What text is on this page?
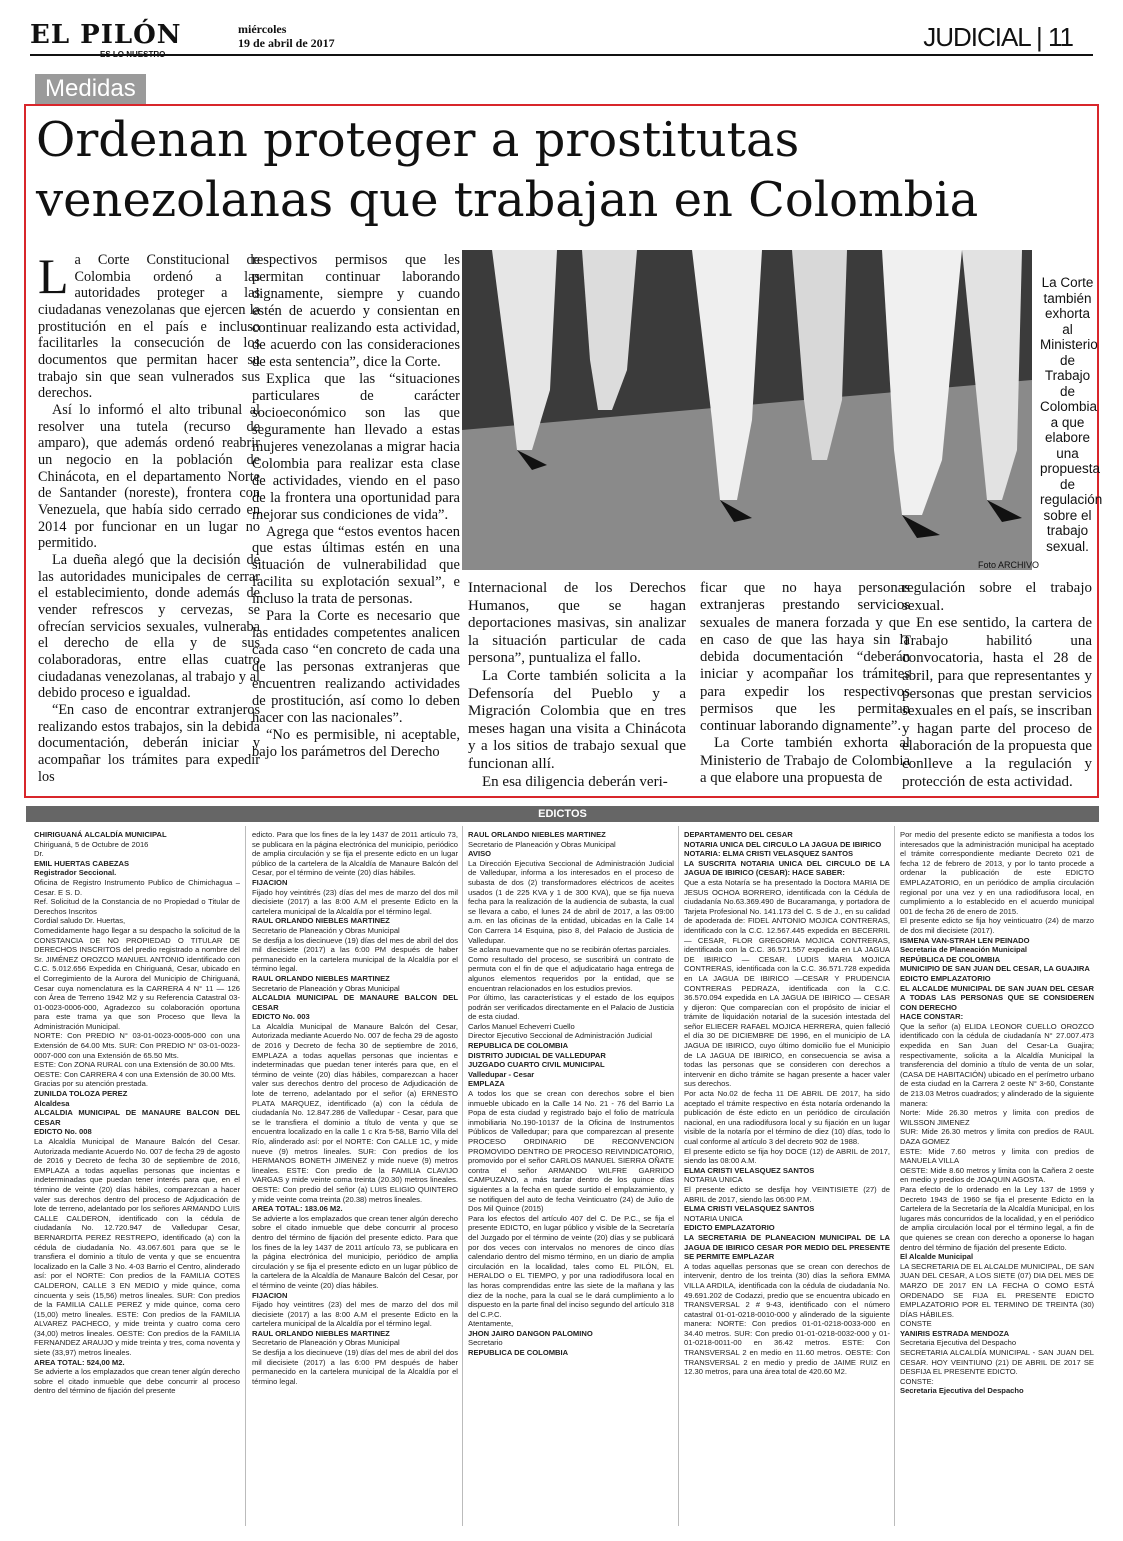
EL PILÓN	miércoles
19 de abril de 2017	JUDICIAL | 11
Medidas
Ordenan proteger a prostitutas venezolanas que trabajan en Colombia

La Corte Constitucional de Colombia ordenó a las autoridades proteger a las ciudadanas venezolanas que ejercen la prostitución en el país e incluso facilitarles la consecución de los documentos que permitan hacer su trabajo sin que sean vulnerados sus derechos.

Así lo informó el alto tribunal al resolver una tutela (recurso de amparo), que además ordenó reabrir un negocio en la población de Chinácota, en el departamento Norte de Santander (noreste), frontera con Venezuela, que había sido cerrado en 2014 por funcionar en un lugar no permitido.

La dueña alegó que la decisión de las autoridades municipales de cerrar el establecimiento, donde además de vender refrescos y cervezas, se ofrecían servicios sexuales, vulneraba el derecho de ella y de sus colaboradoras, entre ellas cuatro ciudadanas venezolanas, al trabajo y al debido proceso e igualdad.

“En caso de encontrar extranjeros realizando estos trabajos, sin la debida documentación, deberán iniciar y acompañar los trámites para expedir los

respectivos permisos que les permitan continuar laborando dignamente, siempre y cuando estén de acuerdo y consientan en continuar realizando esta actividad, de acuerdo con las consideraciones de esta sentencia”, dice la Corte.

Explica que las “situaciones particulares de carácter socioeconómico son las que seguramente han llevado a estas mujeres venezolanas a migrar hacia Colombia para realizar esta clase de actividades, viendo en el paso de la frontera una oportunidad para mejorar sus condiciones de vida”.

Agrega que “estos eventos hacen que estas últimas estén en una situación de vulnerabilidad que facilita su explotación sexual”, e incluso la trata de personas.

Para la Corte es necesario que las entidades competentes analicen cada caso “en concreto de cada una de las personas extranjeras que encuentren realizando actividades de prostitución, así como lo deben hacer con las nacionales”.

“No es permisible, ni aceptable, bajo los parámetros del Derecho

Foto ARCHIVO
La Corte también exhorta al Ministerio de Trabajo de Colombia a que elabore una propuesta de regulación sobre el trabajo sexual.

Internacional de los Derechos Humanos, que se hagan deportaciones masivas, sin analizar la situación particular de cada persona”, puntualiza el fallo.

La Corte también solicita a la Defensoría del Pueblo y a Migración Colombia que en tres meses hagan una visita a Chinácota y a los sitios de trabajo sexual que funcionan allí.

En esa diligencia deberán veri-

ficar que no haya personas extranjeras prestando servicios sexuales de manera forzada y que en caso de que las haya sin la debida documentación “deberán iniciar y acompañar los trámites para expedir los respectivos permisos que les permitan continuar laborando dignamente”.

La Corte también exhorta al Ministerio de Trabajo de Colombia a que elabore una propuesta de

regulación sobre el trabajo sexual.

En ese sentido, la cartera de Trabajo habilitó una convocatoria, hasta el 28 de abril, para que representantes y personas que prestan servicios sexuales en el país, se inscriban y hagan parte del proceso de elaboración de la propuesta que conlleve a la regulación y protección de esta actividad.

EDICTOS

CHIRIGUANÁ ALCALDÍA MUNICIPAL

Chiriguaná, 5 de Octubre de 2016

Dr.

EMIL HUERTAS CABEZAS

Registrador Seccional.

Oficina de Registro Instrumento Publico de Chimichagua – Cesar. E S. D.

Ref. Solicitud de la Constancia de no Propiedad o Titular de Derechos Inscritos

Cordial saludo Dr. Huertas,

Comedidamente hago llegar a su despacho la solicitud de la CONSTANCIA DE NO PROPIEDAD O TITULAR DE DERECHOS INSCRITOS del predio registrado a nombre del Sr. JIMÉNEZ OROZCO MANUEL ANTONIO identificado con C.C. 5.012.656 Expedida en Chiriguaná, Cesar, ubicado en el Corregimiento de la Aurora del Municipio de Chiriguaná, Cesar cuya nomenclatura es la CARRERA 4 N° 11 — 126 con Área de Terreno 1942 M2 y su Referencia Catastral 03-01-0023-0006-000, Agradezco su colaboración oportuna para este trama ya que son Proceso que lleva la Administración Municipal.

NORTE: Con PREDIO N° 03-01-0023-0005-000 con una Extensión de 64.00 Mts. SUR: Con PREDIO N° 03-01-0023-0007-000 con una Extensión de 65.50 Mts.

ESTE: Con ZONA RURAL con una Extensión de 30.00 Mts.

OESTE: Con CARRERA 4 con una Extensión de 30.00 Mts.

Gracias por su atención prestada.

ZUNILDA TOLOZA PEREZ

Alcaldesa

ALCALDIA MUNICIPAL DE MANAURE BALCON DEL CESAR

EDICTO No. 008

La Alcaldía Municipal de Manaure Balcón del Cesar. Autorizada mediante Acuerdo No. 007 de fecha 29 de agosto de 2016 y Decreto de fecha 30 de septiembre de 2016, EMPLAZA a todas aquellas personas que incientas e indeterminadas que puedan tener interés para que, en el término de veinte (20) días hábiles, comparezcan a hacer valer sus derechos dentro del proceso de Adjudicación de lote de terreno, adelantado por los señores ARMANDO LUIS CALLE CALDERON, identificado con la cédula de ciudadanía No. 12.720.947 de Valledupar Cesar, BERNARDITA PEREZ RESTREPO, identificado (a) con la cédula de ciudadanía No. 43.067.601 para que se le transfiera el dominio a título de venta y que se encuentra localizado en la Calle 3 No. 4-03 Barrio el Centro, alinderado así: por el NORTE: Con predios de la FAMILIA COTES CALDERON, CALLE 3 EN MEDIO y mide quince, coma cincuenta y seis (15,56) metros lineales. SUR: Con predios de la FAMILIA CALLE PEREZ y mide quince, coma cero (15,00) metro lineales. ESTE: Con predios de la FAMILIA ALVAREZ PACHECO, y mide treinta y cuatro coma cero (34,00) metros lineales. OESTE: Con predios de la FAMILIA FERNANDEZ ARAUJO y mide treinta y tres, coma noventa y siete (33,97) metros lineales.

AREA TOTAL: 524,00 M2.

Se advierte a los emplazados que crean tener algún derecho sobre el citado inmueble que debe concurrir al proceso dentro del término de fijación del presente

edicto. Para que los fines de la ley 1437 de 2011 artículo 73, se publicara en la página electrónica del municipio, periódico de amplia circulación y se fija el presente edicto en un lugar público de la cartelera de la Alcaldía de Manaure Balcón del Cesar, por el término de veinte (20) días hábiles.

FIJACION

Fijado hoy veintitrés (23) días del mes de marzo del dos mil diecisiete (2017) a las 8:00 A.M el presente Edicto en la cartelera municipal de la Alcaldía por el término legal.

RAUL ORLANDO NIEBLES MARTINEZ

Secretario de Planeación y Obras Municipal

Se desfija a los diecinueve (19) días del mes de abril del dos mil diecisiete (2017) a las 6:00 PM después de haber permanecido en la cartelera municipal de la Alcaldía por el término legal.

RAUL ORLANDO NIEBLES MARTINEZ

Secretario de Planeación y Obras Municipal

ALCALDIA MUNICIPAL DE MANAURE BALCON DEL CESAR

EDICTO No. 003

La Alcaldía Municipal de Manaure Balcón del Cesar, Autorizada mediante Acuerdo No. 007 de fecha 29 de agosto de 2016 y Decreto de fecha 30 de septiembre de 2016, EMPLAZA a todas aquellas personas que incientas e indeterminadas que puedan tener interés para que, en el término de veinte (20) días hábiles, comparezcan a hacer valer sus derechos dentro del proceso de Adjudicación de lote de terreno, adelantado por el señor (a) ERNESTO PLATA MARQUEZ, identificado (a) con la cédula de ciudadanía No. 12.847.286 de Valledupar - Cesar, para que se le transfiera el dominio a título de venta y que se encuentra localizado en la calle 1 c Kra 5-58, Barrio Villa del Río, alinderado así: por el NORTE: Con CALLE 1C, y mide nueve (9) metros lineales. SUR: Con predios de los HERMANOS BONETH JIMENEZ y mide nueve (9) metros lineales. ESTE: Con predio de la FAMILIA CLAVIJO VARGAS y mide veinte coma treinta (20.30) metros lineales. OESTE: Con predio del señor (a) LUIS ELIGIO QUINTERO y mide veinte coma treinta (20.38) metros lineales.

AREA TOTAL: 183.06 M2.

Se advierte a los emplazados que crean tener algún derecho sobre el citado inmueble que debe concurrir al proceso dentro del término de fijación del presente edicto. Para que los fines de la ley 1437 de 2011 artículo 73, se publicara en la página electrónica del municipio, periódico de amplia circulación y se fija el presente edicto en un lugar público de la cartelera de la Alcaldía de Manaure Balcón del Cesar, por el término de veinte (20) días hábiles.

FIJACION

Fijado hoy veintitres (23) del mes de marzo del dos mil diecisiete (2017) a las 8:00 A.M el presente Edicto en la cartelera municipal de la Alcaldía por el término legal.

RAUL ORLANDO NIEBLES MARTINEZ

Secretario de Planeación y Obras Municipal

Se desfija a los diecinueve (19) días del mes de abril del dos mil diecisiete (2017) a las 6:00 PM después de haber permanecido en la cartelera municipal de la Alcaldía por el término legal.

RAUL ORLANDO NIEBLES MARTINEZ

Secretario de Planeación y Obras Municipal

AVISO

La Dirección Ejecutiva Seccional de Administración Judicial de Valledupar, informa a los interesados en el proceso de subasta de dos (2) transformadores eléctricos de aceites usados (1 de 225 KVA y 1 de 300 KVA), que se fija nueva fecha para la realización de la audiencia de subasta, la cual se llevara a cabo, el lunes 24 de abril de 2017, a las 09:00 a.m. en las oficinas de la entidad, ubicadas en la Calle 14 Con Carrera 14 Esquina, piso 8, del Palacio de Justicia de Valledupar.

Se aclara nuevamente que no se recibirán ofertas parciales.

Como resultado del proceso, se suscribirá un contrato de permuta con el fin de que el adjudicatario haga entrega de algunos elementos requeridos por la entidad, que se encuentran relacionados en los estudios previos.

Por último, las características y el estado de los equipos podrán ser verificados directamente en el Palacio de Justicia de esta ciudad.

Carlos Manuel Echeverri Cuello

Director Ejecutivo Seccional de Administración Judicial

REPUBLICA DE COLOMBIA

DISTRITO JUDICIAL DE VALLEDUPAR

JUZGADO CUARTO CIVIL MUNICIPAL

Valledupar - Cesar

EMPLAZA

A todos los que se crean con derechos sobre el bien inmueble ubicado en la Calle 14 No. 21 - 76 del Barrio La Popa de esta ciudad y registrado bajo el folio de matrícula inmobiliaria No.190-10137 de la Oficina de Instrumentos Públicos de Valledupar; para que comparezcan al presente PROCESO ORDINARIO DE RECONVENCION PROMOVIDO DENTRO DE PROCESO REIVINDICATORIO, promovido por el señor CARLOS MANUEL SIERRA OÑATE contra el señor ARMANDO WILFRE GARRIDO CAMPUZANO, a más tardar dentro de los quince días siguientes a la fecha en quede surtido el emplazamiento, y se notifiquen del auto de fecha Veinticuatro (24) de Julio de Dos Mil Quince (2015)

Para los efectos del artículo 407 del C. De P.C., se fija el presente EDICTO, en lugar público y visible de la Secretaría del Juzgado por el término de veinte (20) días y se publicará por dos veces con intervalos no menores de cinco días calendario dentro del mismo término, en un diario de amplia circulación en la localidad, tales como EL PILÓN, EL HERALDO o EL TIEMPO, y por una radiodifusora local en las horas comprendidas entre las siete de la mañana y las diez de la noche, para la cual se le dará cumplimiento a lo dispuesto en la parte final del inciso segundo del artículo 318 del C.P.C.

Atentamente,

JHON JAIRO DANGON PALOMINO

Secretario

REPUBLICA DE COLOMBIA

DEPARTAMENTO DEL CESAR

NOTARIA UNICA DEL CIRCULO LA JAGUA DE IBIRICO

NOTARIA: ELMA CRISTI VELASQUEZ SANTOS

LA SUSCRITA NOTARIA UNICA DEL CIRCULO DE LA JAGUA DE IBIRICO (CESAR): HACE SABER:

Que a esta Notaría se ha presentado la Doctora MARIA DE JESUS OCHOA BORRERO, identificada con la Cédula de ciudadanía No.63.369.490 de Bucaramanga, y portadora de Tarjeta Profesional No. 141.173 del C. S de J., en su calidad de apoderada de: FIDEL ANTONIO MOJICA CONTRERAS, identificado con la C.C. 12.567.445 expedida en BECERRIL — CESAR, FLOR GREGORIA MOJICA CONTRERAS, identificada con la C.C. 36.571.557 expedida en LA JAGUA DE IBIRICO — CESAR. LUDIS MARIA MOJICA CONTRERAS, identificada con la C.C. 36.571.728 expedida en LA JAGUA DE IBIRICO —CESAR Y PRUDENCIA CONTRERAS PEDRAZA, identificada con la C.C. 36.570.094 expedida en LA JAGUA DE IBIRICO — CESAR y dijeron: Que comparecían con el propósito de iniciar el trámite de liquidación notarial de la sucesión intestada del señor ELIECER RAFAEL MOJICA HERRERA, quien falleció el día 30 DE DICIEMBRE DE 1996, en el municipio de LA JAGUA DE IBIRICO, cuyo último domicilio fue el Municipio de LA JAGUA DE IBIRICO, en consecuencia se avisa a todas las personas que se consideren con derechos a intervenir en dicho trámite se hagan presente a hacer valer sus derechos.

Por acta No.02 de fecha 11 DE ABRIL DE 2017, ha sido aceptado el trámite respectivo en ésta notaría ordenando la publicación de éste edicto en un periódico de circulación nacional, en una radiodifusora local y su fijación en un lugar visible de la notaría por el término de diez (10) días, todo lo cual conforme al artículo 3 del decreto 902 de 1988.

El presente edicto se fija hoy DOCE (12) de ABRIL de 2017, siendo las 08:00 A.M.

ELMA CRISTI VELASQUEZ SANTOS

NOTARIA UNICA

El presente edicto se desfija hoy VEINTISIETE (27) de ABRIL de 2017, siendo las 06:00 P.M.

ELMA CRISTI VELASQUEZ SANTOS

NOTARIA UNICA

EDICTO EMPLAZATORIO

LA SECRETARIA DE PLANEACION MUNICIPAL DE LA JAGUA DE IBIRICO CESAR POR MEDIO DEL PRESENTE SE PERMITE EMPLAZAR

A todas aquellas personas que se crean con derechos de intervenir, dentro de los treinta (30) días la señora EMMA VILLA ARDILA, identificada con la cédula de ciudadanía No. 49.691.202 de Codazzi, predio que se encuentra ubicado en TRANSVERSAL 2 # 9-43, identificado con el número catastral 01-01-0218-0010-000 y alinderado de la siguiente manera: NORTE: Con predios 01-01-0218-0033-000 en 34.40 metros. SUR: Con predio 01-01-0218-0032-000 y 01-01-0218-0011-00 en 36.42 metros. ESTE: Con TRANSVERSAL 2 en medio en 11.60 metros. OESTE: Con TRANSVERSAL 2 en medio y predio de JAIME RUIZ en 12.30 metros, para una área total de 420.60 M2.

Por medio del presente edicto se manifiesta a todos los interesados que la administración municipal ha aceptado el trámite correspondiente mediante Decreto 021 de fecha 12 de febrero de 2013, y por lo tanto procede a ordenar la publicación de este EDICTO EMPLAZATORIO, en un periódico de amplia circulación regional por una vez y en una radiodifusora local, en cumplimiento a lo establecido en el acuerdo municipal 001 de fecha 26 de enero de 2015.

El presente edicto se fija hoy veinticuatro (24) de marzo de dos mil diecisiete (2017).

ISMENA VAN-STRAH LEN PEINADO

Secretaria de Planeación Municipal

REPÚBLICA DE COLOMBIA

MUNICIPIO DE SAN JUAN DEL CESAR, LA GUAJIRA

EDICTO EMPLAZATORIO

EL ALCALDE MUNICIPAL DE SAN JUAN DEL CESAR A TODAS LAS PERSONAS QUE SE CONSIDEREN CON DERECHO

HACE CONSTAR:

Que la señor (a) ELIDA LEONOR CUELLO OROZCO identificado con la cédula de ciudadanía N° 27.007.473 expedida en San Juan del Cesar-La Guajira; respectivamente, solicita a la Alcaldía Municipal la transferencia del dominio a título de venta de un solar,(CASA DE HABITACIÓN) ubicado en el perímetro urbano de esta ciudad en la Carrera 2 oeste N° 3-60, Constante de 213.03 Metros cuadrados; y alinderado de la siguiente manera:

Norte: Mide 26.30 metros y limita con predios de WILSSON JIMENEZ

SUR: Mide 26.30 metros y limita con predios de RAUL DAZA GOMEZ

ESTE: Mide 7.60 metros y limita con predios de MANUELA VILLA

OESTE: Mide 8.60 metros y limita con la Cañera 2 oeste en medio y predios de JOAQUIN AGOSTA.

Para efecto de lo ordenado en la Ley 137 de 1959 y Decreto 1943 de 1960 se fija el presente Edicto en la Cartelera de la Secretaría de la Alcaldía Municipal, en los lugares más concurridos de la localidad, y en el periódico de amplia circulación local por el término legal, a fin de que quienes se crean con derecho a oponerse lo hagan dentro del término de fijación del presente Edicto.

El Alcalde Municipal

LA SECRETARIA DE EL ALCALDE MUNICIPAL, DE SAN JUAN DEL CESAR, A LOS SIETE (07) DIA DEL MES DE MARZO DE 2017 EN LA FECHA O COMO ESTÁ ORDENADO SE FIJA EL PRESENTE EDICTO EMPLAZATORIO POR EL TERMINO DE TREINTA (30) DÍAS HÁBILES.

CONSTE

YANIRIS ESTRADA MENDOZA

Secretaria Ejecutiva del Despacho

SECRETARIA ALCALDÍA MUNICIPAL - SAN JUAN DEL CESAR. HOY VEINTIUNO (21) DE ABRIL DE 2017 SE DESFIJA EL PRESENTE EDICTO.

CONSTE:

Secretaria Ejecutiva del Despacho
